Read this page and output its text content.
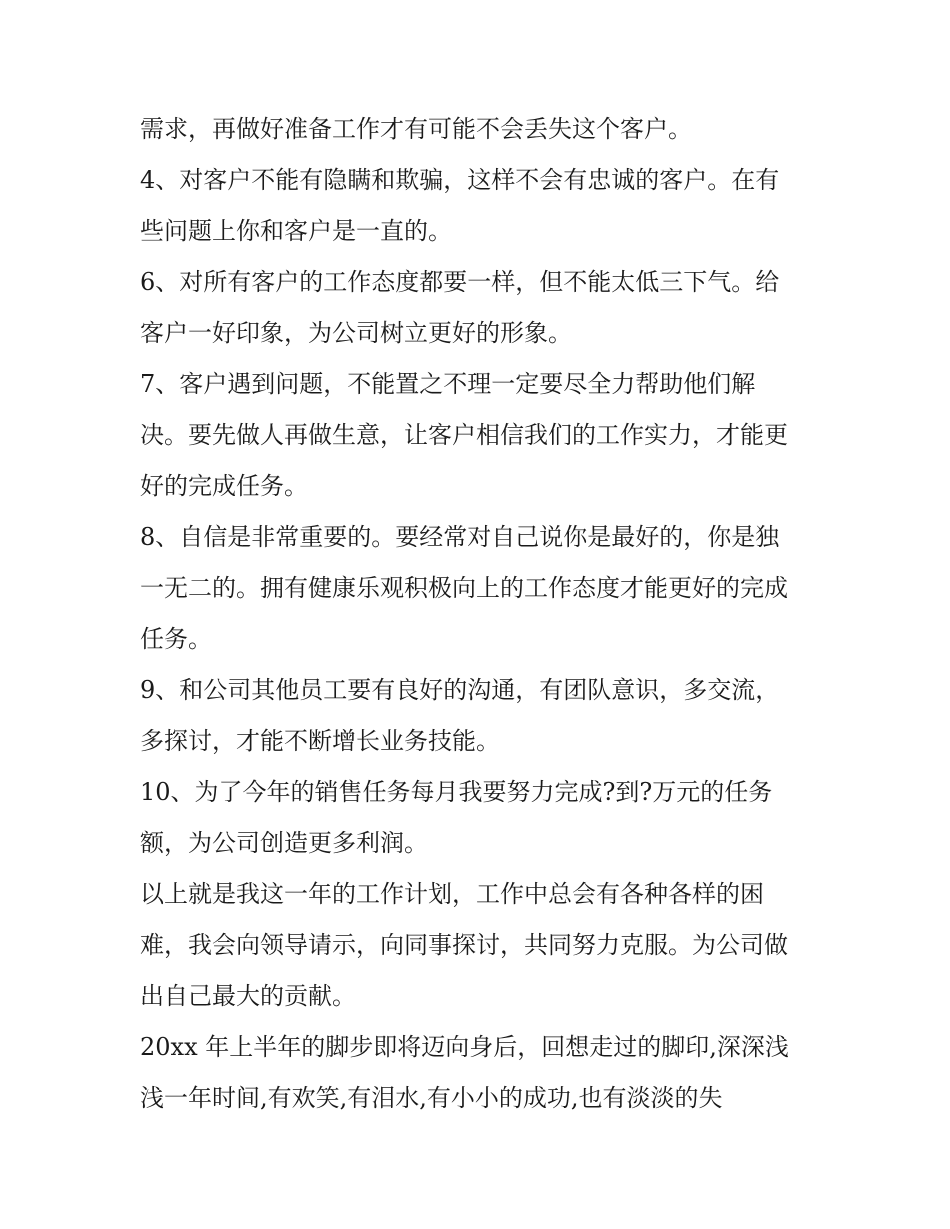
需求，再做好准备工作才有可能不会丢失这个客户。
4、对客户不能有隐瞒和欺骗，这样不会有忠诚的客户。在有
些问题上你和客户是一直的。
6、对所有客户的工作态度都要一样，但不能太低三下气。给
客户一好印象，为公司树立更好的形象。
7、客户遇到问题，不能置之不理一定要尽全力帮助他们解
决。要先做人再做生意，让客户相信我们的工作实力，才能更
好的完成任务。
8、自信是非常重要的。要经常对自己说你是最好的，你是独
一无二的。拥有健康乐观积极向上的工作态度才能更好的完成
任务。
9、和公司其他员工要有良好的沟通，有团队意识，多交流，
多探讨，才能不断增长业务技能。
10、为了今年的销售任务每月我要努力完成?到?万元的任务
额，为公司创造更多利润。
以上就是我这一年的工作计划，工作中总会有各种各样的困
难，我会向领导请示，向同事探讨，共同努力克服。为公司做
出自己最大的贡献。
20xx 年上半年的脚步即将迈向身后，回想走过的脚印,深深浅
浅一年时间,有欢笑,有泪水,有小小的成功,也有淡淡的失
